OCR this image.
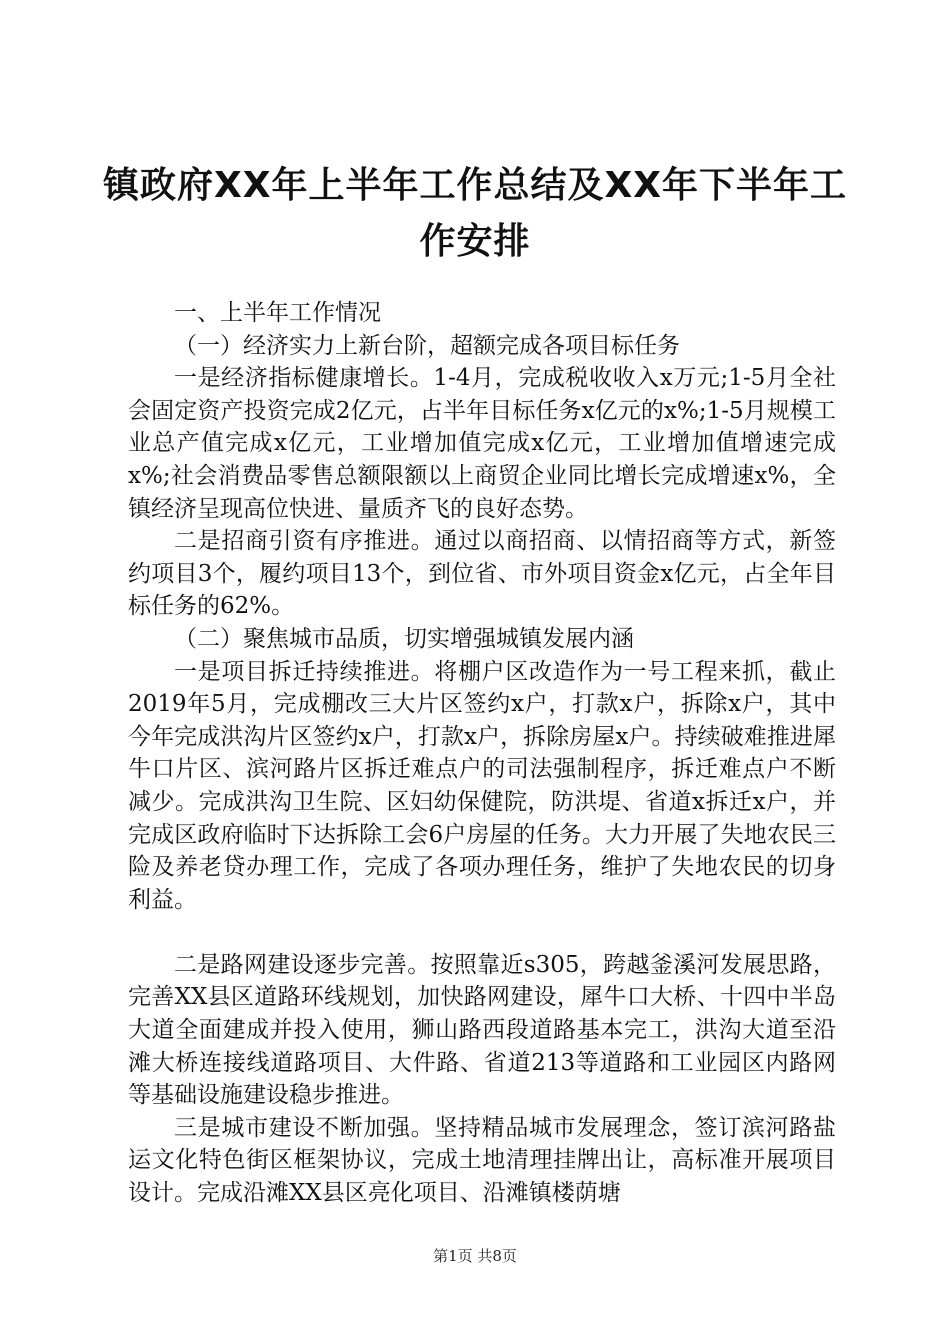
镇政府XX年上半年工作总结及XX年下半年工
作安排

一、上半年工作情况

（一）经济实力上新台阶，超额完成各项目标任务

一是经济指标健康增长。1-4月，完成税收收入x万元;1-5月全社会固定资产投资完成2亿元，占半年目标任务x亿元的x%;1-5月规模工业总产值完成x亿元，工业增加值完成x亿元，工业增加值增速完成x%;社会消费品零售总额限额以上商贸企业同比增长完成增速x%，全镇经济呈现高位快进、量质齐飞的良好态势。

二是招商引资有序推进。通过以商招商、以情招商等方式，新签约项目3个，履约项目13个，到位省、市外项目资金x亿元，占全年目标任务的62%。

（二）聚焦城市品质，切实增强城镇发展内涵

一是项目拆迁持续推进。将棚户区改造作为一号工程来抓，截止2019年5月，完成棚改三大片区签约x户，打款x户，拆除x户，其中今年完成洪沟片区签约x户，打款x户，拆除房屋x户。持续破难推进犀牛口片区、滨河路片区拆迁难点户的司法强制程序，拆迁难点户不断减少。完成洪沟卫生院、区妇幼保健院，防洪堤、省道x拆迁x户，并完成区政府临时下达拆除工会6户房屋的任务。大力开展了失地农民三险及养老贷办理工作，完成了各项办理任务，维护了失地农民的切身利益。

二是路网建设逐步完善。按照靠近s305，跨越釜溪河发展思路，完善XX县区道路环线规划，加快路网建设，犀牛口大桥、十四中半岛大道全面建成并投入使用，狮山路西段道路基本完工，洪沟大道至沿滩大桥连接线道路项目、大件路、省道213等道路和工业园区内路网等基础设施建设稳步推进。

三是城市建设不断加强。坚持精品城市发展理念，签订滨河路盐运文化特色街区框架协议，完成土地清理挂牌出让，高标准开展项目设计。完成沿滩XX县区亮化项目、沿滩镇楼荫塘

第1页 共8页
